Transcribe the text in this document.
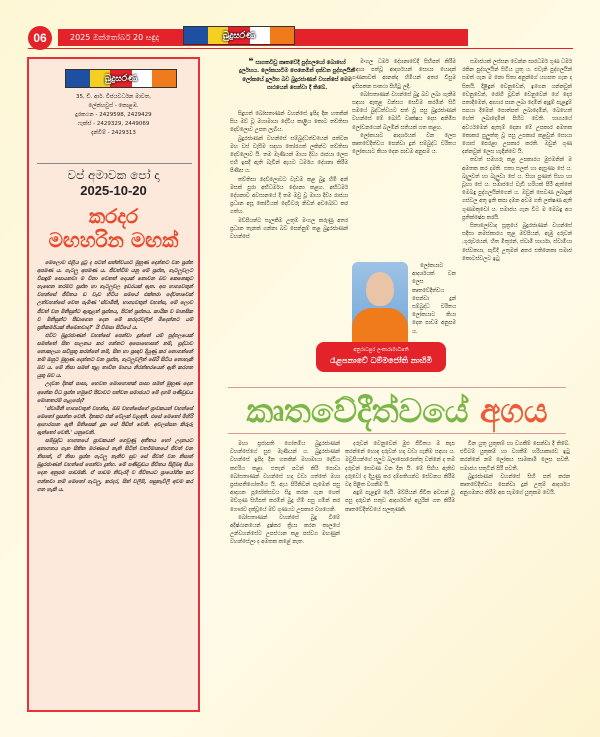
06	2025 ඔක්තෝබර් 20 සඳුද	බුදුසරණ
බුදුසරණ
35, ඩී. ආර්. විජයවර්ධන මාවත,
ලේක්හවුස් - කොළඹ.
දුරකථන - 2429598, 2429429
ෆැක්ස් - 2429329, 2449069
දැන්වීම් - 2429313
වප් අමාවක පෝ දා
2025-10-20
කරදර
මඟහරින මඟක්

මෙලොව එළිය දුටු ද පටන් සත්ත්වයාට මුහුණ දෙන්නට වන ප්‍රශ්න අපමණ ය. ගැටලු අපමණ ය. ජීවත්වීම යනු මේ ප්‍රශ්න, ගැටලුවලට විසඳුම් සොයනවා ම විනා වෙනත් දෙයක් නොවන බව කෙනෙකුට හැඟෙන තරමට ප්‍රශ්න හා ගැටලුවල ඉඩරයක් ඇත. අප භාග්‍යවතුන් වහන්සේ ජීවිතය ඩ වැඩ හිටිය සමයේ එක්තරා දේවතාවෙක් උත්වහන්සේ වෙත පැමිණ 'ස්වාමීනි, භාග්‍යවතුන් වහන්ස, මේ ලොව ජීවත් වන මිනිසුන්ට ඇතුළත් ප්‍රශ්නය, පිටත් ප්‍රශ්නය. කායික ව මානසික ව මිනිසුන්ට පීඩාගෙන දෙන මේ කරදරවලින් මිදෙන්නට යම් ප්‍රතිකර්මයක් තිබෙනවාද?' යි විමසා සිටියේ ය.

එවිට බුදුරජාණන් වහන්සේ පෙන්වා දුන්නේ යම් පුද්ගලයෙක් සමත්තේ සිත පාලනය කර ගන්නට අපොහොසත් නම්, ශ්‍රද්ධාව නොකලයා සවිපුතු කරන්නේ නම්, සිත හා ප්‍රඥව දියුණු කර නොගන්නේ නම් ඔහුට මුහුණ දෙන්නට වන ප්‍රශ්න, ගැටලුවලින් බේරී සිටිය නොහැකි බව ය. මේ නිසා සමත් තුළ තාවිත මාගය නිරන්තරයෙන් ඇති කරගත යුතු බව ය.

උදවන දිනක් පාසා, හෙවත මොහොතක් පාසා සමත් මුහුණ දෙන අනේක විධ ප්‍රශ්න හමුවේ පීඩාවට පත්වන සමාජයට මේ දහම් පණිවුඩය මොනතරම් ගැළපේද?

'ස්වාමීනි භාග්‍යවතුන් වහන්ස, ඔබ වහන්සේගේ ශ්‍රාවකයන් වහන්සේ මෙතෝ ප්‍රසන්න වෙති. දිනකට එක් වේලක් වළඳති. එසේ මෙතෝ මිහිරි ආහාරපාන ඇති මිනිසෙක් දුක සේ පීඩිත් වෙති. අවලස්සන කිරුරු ඇත්තෝ වෙති.' යනුවෙනි.

සම්බුද්ධ භාගතයේ ශ්‍රාවකයන් ගෙවුණු අතීතය හෝ උදානයට අනාගතය ගැන සිතින මරණයේ නැති සිටින් වර්තමානයේ ජීවත් වන නිසාත්, ඒ නිසා ප්‍රශ්න ගැටලු නැතිව සුව සේ ජීවත් වන නිසාත් බුදුරජාණන් වහන්සේ පෙන්වා දුන්හ. මේ පණිවුඩය ජීවිතය පිළිබඳ සියා දෙන අනුපම පාඩමකි. ඒ පාඩම නිවැරදි ව ජීවිතයට ප්‍රායෝගික කර ගන්නවා නම් මෙතෝ ගැටලු, කරදර, සිත් වලිම්, පසුතැවිලි අවම කර ගත හැකි ය.

❝ සාගතවීඩු කෘතවේදී පුද්ගලයෝ බොහෝ දුර්ලභය. ලෝකයාටිම පෙනෙමින් දක්වන පුද්ගලයින් ලෝකයේ දුර්ලභ බව බුදුරජාණන් වහන්සේ මෙම පාඨයෙන් පෙන්වා දී තිබේ.

සිදුහත් බෝසතාණන් වහන්සේ ඉපිද දින හතකින් සිය මව් වූ මහාමායා දේවිය කාළ්‍රිය කොට තව්තිසා දෙව්ලොව උපත ලැබීය.

බුදුරජාණන් වහන්සේ සම්බුද්ධත්වයෙන් පත්වන මහ වස් වැසීම සඳහා තෝරගත් ලකින්ට තව්තිසා දෙව්ලොව යි. තම මෑණියන් මායා දිව්‍ය රාජයා ලෙස එහි ඉපදී ඇති බැවින් ඇයට ධර්මය දේශනා කිරීම පිණිස ය.

තව්තිසා දෙව්ලොවට වැඩම කළ බුදු හිමි අන් මසක් පුරා අභිධර්මය දේශනා කළහ. අභිධර්ම දේශනාව අවසානයේ දී තම මවු වූ මායා දිව්‍ය රාජයා ප්‍රධාන අසූ කෝටියක් දෙවිවරු නිවන් අවබෝධ කර ගත්හ.

මව්පියන්ට සැලකීම උතුම් මංගල කරුණු අතර ප්‍රධාන තැනක් ගන්නා බව පෙන්නුම් කළ බුදුරජාණන් වහන්සේ

මංගල ධර්ම දේශනාවේදී සිහිපත් කිරීම සඳහා පත්වූ ආදර්ශයන් සොයා යොදන් ගණනාවක් ආනන්ද හිමියන් අතර විසුම ඉසිපතන සංකථා පිහිටු ලදී.

බෝසතාණන් වහන්සේ බුදු බව ලබා ගැනීම සඳහා ඇතුළ වන්සය සෙවීම කරමින් සිටි සමයේ බුද්ධත්වයට පත් වූ පසු බුදුරජාණන් වහන්සේ මේ බෝධි වෘක්ෂය දෙස අනිමිස ලෝචනයෙන් බලමින් සතියක් ගත කළහ.

ලෝකයාට ආදර්ශයක් වන ලෙස කෘතවේදීත්වය පෙන්වා දුන් සම්බුද්ධ චරිතය ලෝකයාට කියා දෙන පාඩම අනුපම ය.

ලෝකයාට ආදර්ශයක් වන ලෙස කෘතවේදීත්වය පෙන්වා දුන් සම්බුද්ධ චරිතය ලෝකයාට කියා දෙන පාඩම අනුපම ය.

සමාජයක් ලස්සන වෙන්න සාරධර්ම ගුණ ධර්ම රකින පුද්ගලයින් සිටිය යුතු ය. එවැනි පුද්ගලයින් සමත් ගැන ම නො සිතා අනුන්ගේ යහපත ගැන ද සිතයි. දිළිඳුන් වෙනුවෙන්, ඉගෙන ගන්නවුන් වෙනුවෙන්, රෝගී වූවන් වෙනුවෙන් ගේ දොර පතාදීමෙන්, ආහාර පාන ලබා දෙමින් ඇඳුම් පැළඳුම් සපයා දීමෙන් පොත්පත් ලබාදෙමින්, බෙහෙත් හේත් ලබාදෙමින් පිහිට වෙති. භාග්‍යයේ අවර්ථමෙන් ඇතැම් දෙනා මේ උපකාර අමතක කොකර සුලුත්තු වූ පසු උපකාර කළවුන් සොයා ගොස් පෙරළා උපකාර කරති. ඔවුන් ගුණ දන්නවුන් ලෙස හැඳින්වෙ යි.

තවත් සමහරු කළ උපකාරය මුළුමනින් ම අමතක කර දමති. සතා සලත් හා ඇසුණා සේ ය. බැලුවත් හා බැලුවා සේ ය. සිහා පුණත් සිහා හා වූහා සේ ය. සමාජයේ වැඩි හරියක් පිරී ඇත්තේ මෙබඳු පුද්ගලයින්ගෙන් ය. ඔවුන් සෙවණ ලබාදුන් ගස්වල අතු ඉති කපා දමන අවම ගති ලක්ෂණ ඇති ගුණමකුවෝ ය. සමාජය ගැන වීට ම මෙබඳු අය ප්‍රතික්ෂේප කරයි.

සිතාලෝවාද සූත්‍රයේ බුදුරජාණන් වහන්සේ සදිසා නමස්කාරය තුළ මව්පියන්, ඇඹු දරුවන් ,ගුරුවරයන්, හිත මිතුරන්, ස්වාමි භාර්යා, ස්වාමියා සේවකයා, පැවිදි උතුමන් අතර එකිනෙකා සමාජ කොටස්වලට ඉටු

අනුරාධපුර ලංකාරාමාධිපති
රැළපනාවේ ධම්මජෝති නාහිමි
කෘතවේදීත්වයේ අගය

මහා ප්‍රජාපති ගෝතමිය බුදුරජාණන් වහන්සේගේ සුළු මෑණියන් ය. බුදුරජාණන් වහන්සේ ඉපිද දින හතකින් මහාමායා දේවිය කළුරිය කළා. එතැන් පටන් කිරි පොවා බෝසතාණන් වහන්සේ හදා වඩා ගත්තේ මහා ප්‍රජාපතීගෝතමිය යි. ඇය පිරිනිවන් පෑමෙන් පසු ආදාහන පූජෝත්සවය සිදු කරන ගැන ශෙත් මව්ගුණ සිහිපත් කරමින් බුදු හිමි පසු ගමින් කර ගෞරව දැක්වූයේ මව් ගුණයට උපකාර වශයෙනි.

බෝසතාණන් වහන්සේ බුදු වීමේ අදිෂ්ඨානයෙන් දුෂ්කර ක්‍රියා කරන කාලයේ උන්වහන්සේට උපස්ථාන කළ පස්වග මහණුන් වහන්සේලා ද අමතක කළේ නැත.

දරුවන් වෙනුවෙන් මුළු ජීවිතය ම කැප කරන්නේ හොඳ දරුවන් හදා වඩා ගැනීම සඳහා ය. මවුපියන්ගේ සලුට බලාපොරොත්තු වන්නේ ද තම දරුවන් සෙවණ වන දින යි. මේ සිහිය ඇතිව දරුවෝ ද දියුණු කර දම්පතියන්ට සේවනය කිරීම වඳ පිළිත වගකීම යි.

අඳුම් පැළඳුම් දෙයි. මව්පියන් ජීවිත අවසන් වූ පසු දරුවන් සතුව ආදර්ශවත් අයුරින් ගත කිරීම කෘතවේදීත්වයේ සලකුණකි.

වින යුතු යුතුකම් හා වගකීම් පෙන්වා දී තිබේ. එවිටම් යුතුකම් හා වගකීම් හරියාකාරව ඉටු කරන්නේ නම් ලෝකය සාමකාමී ලෙස පවතී. සමාජය සතුටින් පිරී පවතී.

බුදුරජාණන් වහන්සේ සිහි පත් කරන කෘතවේදීත්වය පෙන්වා දුන් උතුම් ආදර්ශය අනුගමනය කිරීම අප සැමගේ යුතුකම වෙයි.
